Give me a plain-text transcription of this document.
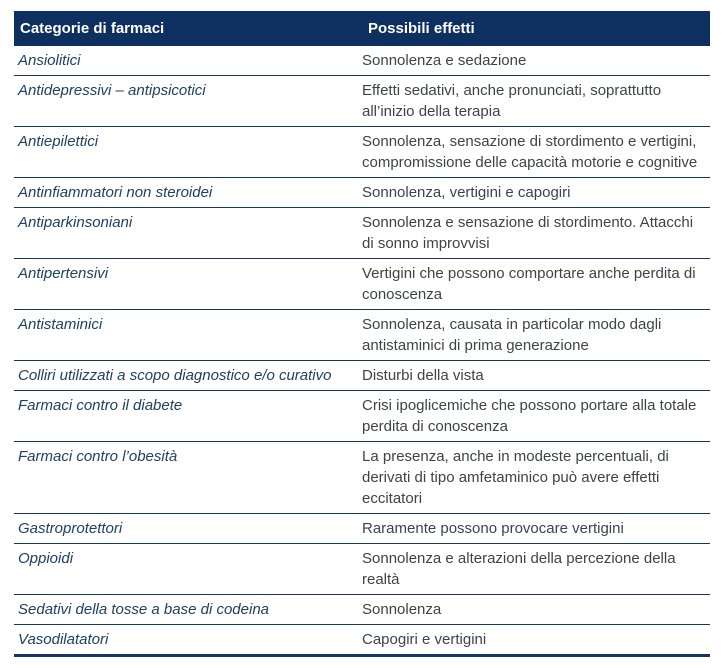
Categorie di farmaci	Possibili effetti
Ansiolitici	Sonnolenza e sedazione
Antidepressivi – antipsicotici	Effetti sedativi, anche pronunciati, soprattutto all’inizio della terapia
Antiepilettici	Sonnolenza, sensazione di stordimento e vertigini, compromissione delle capacità motorie e cognitive
Antinfiammatori non steroidei	Sonnolenza, vertigini e capogiri
Antiparkinsoniani	Sonnolenza e sensazione di stordimento. Attacchi di sonno improvvisi
Antipertensivi	Vertigini che possono comportare anche perdita di conoscenza
Antistaminici	Sonnolenza, causata in particolar modo dagli antistaminici di prima generazione
Colliri utilizzati a scopo diagnostico e/o curativo	Disturbi della vista
Farmaci contro il diabete	Crisi ipoglicemiche che possono portare alla totale perdita di conoscenza
Farmaci contro l’obesità	La presenza, anche in modeste percentuali, di derivati di tipo amfetaminico può avere effetti eccitatori
Gastroprotettori	Raramente possono provocare vertigini
Oppioidi	Sonnolenza e alterazioni della percezione della realtà
Sedativi della tosse a base di codeina	Sonnolenza
Vasodilatatori	Capogiri e vertigini
